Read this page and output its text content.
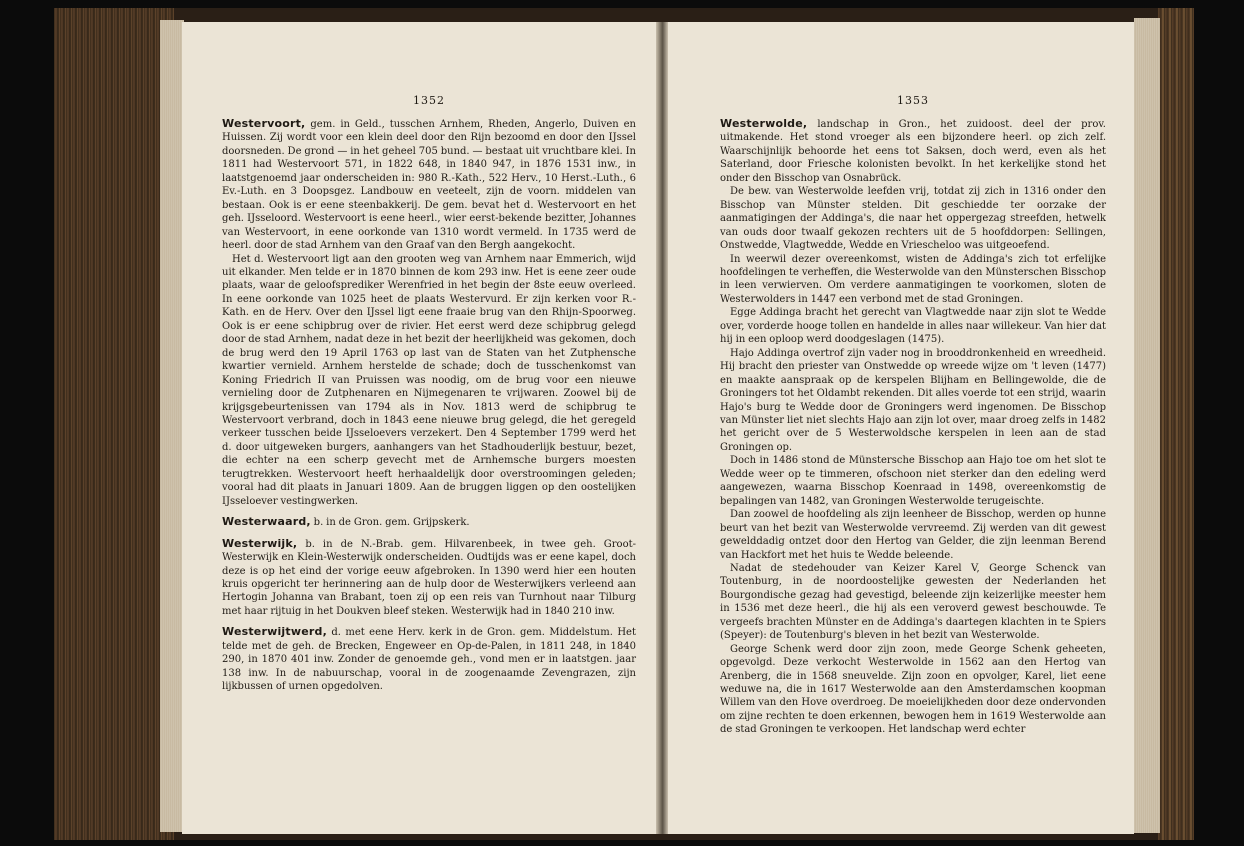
1352

Westervoort, gem. in Geld., tusschen Arnhem, Rheden, Angerlo, Duiven en Huissen. Zij wordt voor een klein deel door den Rijn bezoomd en door den IJssel doorsneden. De grond — in het geheel 705 bund. — bestaat uit vruchtbare klei. In 1811 had Westervoort 571, in 1822 648, in 1840 947, in 1876 1531 inw., in laatstgenoemd jaar onderscheiden in: 980 R.-Kath., 522 Herv., 10 Herst.-Luth., 6 Ev.-Luth. en 3 Doopsgez. Landbouw en veeteelt, zijn de voorn. middelen van bestaan. Ook is er eene steenbakkerij. De gem. bevat het d. Westervoort en het geh. IJsseloord. Westervoort is eene heerl., wier eerst-bekende bezitter, Johannes van Westervoort, in eene oorkonde van 1310 wordt vermeld. In 1735 werd de heerl. door de stad Arnhem van den Graaf van den Bergh aangekocht.

Het d. Westervoort ligt aan den grooten weg van Arnhem naar Emmerich, wijd uit elkander. Men telde er in 1870 binnen de kom 293 inw. Het is eene zeer oude plaats, waar de geloofsprediker Werenfried in het begin der 8ste eeuw overleed. In eene oorkonde van 1025 heet de plaats Westervurd. Er zijn kerken voor R.-Kath. en de Herv. Over den IJssel ligt eene fraaie brug van den Rhijn-Spoorweg. Ook is er eene schipbrug over de rivier. Het eerst werd deze schipbrug gelegd door de stad Arnhem, nadat deze in het bezit der heerlijkheid was gekomen, doch de brug werd den 19 April 1763 op last van de Staten van het Zutphensche kwartier vernield. Arnhem herstelde de schade; doch de tusschenkomst van Koning Friedrich II van Pruissen was noodig, om de brug voor een nieuwe vernieling door de Zutphenaren en Nijmegenaren te vrijwaren. Zoowel bij de krijgsgebeurtenissen van 1794 als in Nov. 1813 werd de schipbrug te Westervoort verbrand, doch in 1843 eene nieuwe brug gelegd, die het geregeld verkeer tusschen beide IJsseloevers verzekert. Den 4 September 1799 werd het d. door uitgeweken burgers, aanhangers van het Stadhouderlijk bestuur, bezet, die echter na een scherp gevecht met de Arnhemsche burgers moesten terugtrekken. Westervoort heeft herhaaldelijk door overstroomingen geleden; vooral had dit plaats in Januari 1809. Aan de bruggen liggen op den oostelijken IJsseloever vestingwerken.

Westerwaard, b. in de Gron. gem. Grijpskerk.

Westerwijk, b. in de N.-Brab. gem. Hilvarenbeek, in twee geh. Groot-Westerwijk en Klein-Westerwijk onderscheiden. Oudtijds was er eene kapel, doch deze is op het eind der vorige eeuw afgebroken. In 1390 werd hier een houten kruis opgericht ter herinnering aan de hulp door de Westerwijkers verleend aan Hertogin Johanna van Brabant, toen zij op een reis van Turnhout naar Tilburg met haar rijtuig in het Doukven bleef steken. Westerwijk had in 1840 210 inw.

Westerwijtwerd, d. met eene Herv. kerk in de Gron. gem. Middelstum. Het telde met de geh. de Brecken, Engeweer en Op-de-Palen, in 1811 248, in 1840 290, in 1870 401 inw. Zonder de genoemde geh., vond men er in laatstgen. jaar 138 inw. In de nabuurschap, vooral in de zoogenaamde Zevengrazen, zijn lijkbussen of urnen opgedolven.

1353

Westerwolde, landschap in Gron., het zuidoost. deel der prov. uitmakende. Het stond vroeger als een bijzondere heerl. op zich zelf. Waarschijnlijk behoorde het eens tot Saksen, doch werd, even als het Saterland, door Friesche kolonisten bevolkt. In het kerkelijke stond het onder den Bisschop van Osnabrück.

De bew. van Westerwolde leefden vrij, totdat zij zich in 1316 onder den Bisschop van Münster stelden. Dit geschiedde ter oorzake der aanmatigingen der Addinga's, die naar het oppergezag streefden, hetwelk van ouds door twaalf gekozen rechters uit de 5 hoofddorpen: Sellingen, Onstwedde, Vlagtwedde, Wedde en Vriescheloo was uitgeoefend.

In weerwil dezer overeenkomst, wisten de Addinga's zich tot erfelijke hoofdelingen te verheffen, die Westerwolde van den Münsterschen Bisschop in leen verwierven. Om verdere aanmatigingen te voorkomen, sloten de Westerwolders in 1447 een verbond met de stad Groningen.

Egge Addinga bracht het gerecht van Vlagtwedde naar zijn slot te Wedde over, vorderde hooge tollen en handelde in alles naar willekeur. Van hier dat hij in een oploop werd doodgeslagen (1475).

Hajo Addinga overtrof zijn vader nog in brooddronkenheid en wreedheid. Hij bracht den priester van Onstwedde op wreede wijze om 't leven (1477) en maakte aanspraak op de kerspelen Blijham en Bellingewolde, die de Groningers tot het Oldambt rekenden. Dit alles voerde tot een strijd, waarin Hajo's burg te Wedde door de Groningers werd ingenomen. De Bisschop van Münster liet niet slechts Hajo aan zijn lot over, maar droeg zelfs in 1482 het gericht over de 5 Westerwoldsche kerspelen in leen aan de stad Groningen op.

Doch in 1486 stond de Münstersche Bisschop aan Hajo toe om het slot te Wedde weer op te timmeren, ofschoon niet sterker dan den edeling werd aangewezen, waarna Bisschop Koenraad in 1498, overeenkomstig de bepalingen van 1482, van Groningen Westerwolde terugeischte.

Dan zoowel de hoofdeling als zijn leenheer de Bisschop, werden op hunne beurt van het bezit van Westerwolde vervreemd. Zij werden van dit gewest gewelddadig ontzet door den Hertog van Gelder, die zijn leenman Berend van Hackfort met het huis te Wedde beleende.

Nadat de stedehouder van Keizer Karel V, George Schenck van Toutenburg, in de noordoostelijke gewesten der Nederlanden het Bourgondische gezag had gevestigd, beleende zijn keizerlijke meester hem in 1536 met deze heerl., die hij als een veroverd gewest beschouwde. Te vergeefs brachten Münster en de Addinga's daartegen klachten in te Spiers (Speyer): de Toutenburg's bleven in het bezit van Westerwolde.

George Schenk werd door zijn zoon, mede George Schenk geheeten, opgevolgd. Deze verkocht Westerwolde in 1562 aan den Hertog van Arenberg, die in 1568 sneuvelde. Zijn zoon en opvolger, Karel, liet eene weduwe na, die in 1617 Westerwolde aan den Amsterdamschen koopman Willem van den Hove overdroeg. De moeielijkheden door deze ondervonden om zijne rechten te doen erkennen, bewogen hem in 1619 Westerwolde aan de stad Groningen te verkoopen. Het landschap werd echter
